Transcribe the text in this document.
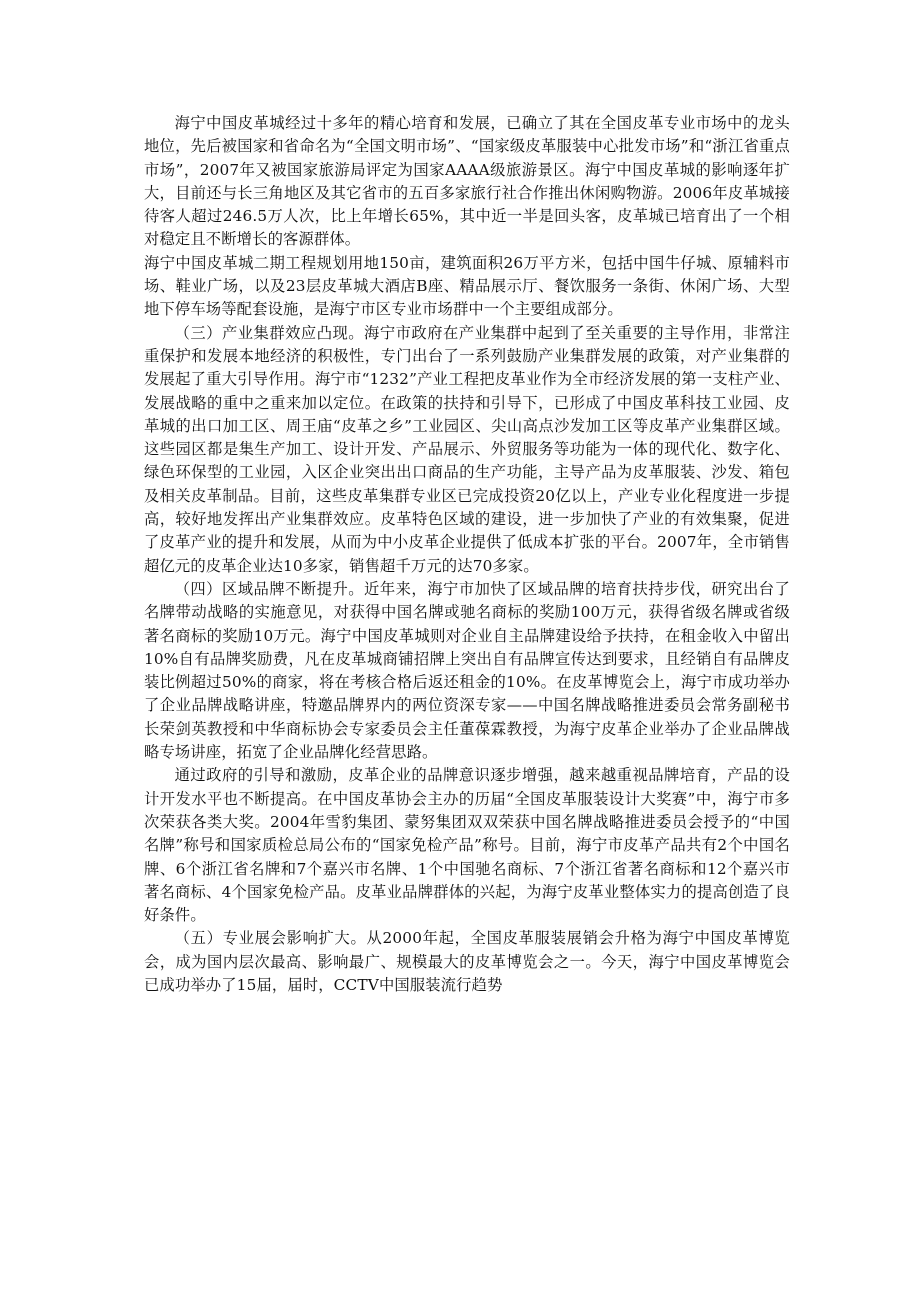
海宁中国皮革城经过十多年的精心培育和发展，已确立了其在全国皮革专业市场中的龙头地位，先后被国家和省命名为“全国文明市场”、“国家级皮革服装中心批发市场”和“浙江省重点市场”，2007年又被国家旅游局评定为国家AAAA级旅游景区。海宁中国皮革城的影响逐年扩大，目前还与长三角地区及其它省市的五百多家旅行社合作推出休闲购物游。2006年皮革城接待客人超过246.5万人次，比上年增长65%，其中近一半是回头客，皮革城已培育出了一个相对稳定且不断增长的客源群体。

海宁中国皮革城二期工程规划用地150亩，建筑面积26万平方米，包括中国牛仔城、原辅料市场、鞋业广场，以及23层皮革城大酒店B座、精品展示厅、餐饮服务一条街、休闲广场、大型地下停车场等配套设施，是海宁市区专业市场群中一个主要组成部分。

（三）产业集群效应凸现。海宁市政府在产业集群中起到了至关重要的主导作用，非常注重保护和发展本地经济的积极性，专门出台了一系列鼓励产业集群发展的政策，对产业集群的发展起了重大引导作用。海宁市“1232”产业工程把皮革业作为全市经济发展的第一支柱产业、发展战略的重中之重来加以定位。在政策的扶持和引导下，已形成了中国皮革科技工业园、皮革城的出口加工区、周王庙“皮革之乡”工业园区、尖山高点沙发加工区等皮革产业集群区域。这些园区都是集生产加工、设计开发、产品展示、外贸服务等功能为一体的现代化、数字化、绿色环保型的工业园，入区企业突出出口商品的生产功能，主导产品为皮革服装、沙发、箱包及相关皮革制品。目前，这些皮革集群专业区已完成投资20亿以上，产业专业化程度进一步提高，较好地发挥出产业集群效应。皮革特色区域的建设，进一步加快了产业的有效集聚，促进了皮革产业的提升和发展，从而为中小皮革企业提供了低成本扩张的平台。2007年，全市销售超亿元的皮革企业达10多家，销售超千万元的达70多家。

（四）区域品牌不断提升。近年来，海宁市加快了区域品牌的培育扶持步伐，研究出台了名牌带动战略的实施意见，对获得中国名牌或驰名商标的奖励100万元，获得省级名牌或省级著名商标的奖励10万元。海宁中国皮革城则对企业自主品牌建设给予扶持，在租金收入中留出10%自有品牌奖励费，凡在皮革城商铺招牌上突出自有品牌宣传达到要求，且经销自有品牌皮装比例超过50%的商家，将在考核合格后返还租金的10%。在皮革博览会上，海宁市成功举办了企业品牌战略讲座，特邀品牌界内的两位资深专家——中国名牌战略推进委员会常务副秘书长荣剑英教授和中华商标协会专家委员会主任董葆霖教授，为海宁皮革企业举办了企业品牌战略专场讲座，拓宽了企业品牌化经营思路。

通过政府的引导和激励，皮革企业的品牌意识逐步增强，越来越重视品牌培育，产品的设计开发水平也不断提高。在中国皮革协会主办的历届“全国皮革服装设计大奖赛”中，海宁市多次荣获各类大奖。2004年雪豹集团、蒙努集团双双荣获中国名牌战略推进委员会授予的“中国名牌”称号和国家质检总局公布的“国家免检产品”称号。目前，海宁市皮革产品共有2个中国名牌、6个浙江省名牌和7个嘉兴市名牌、1个中国驰名商标、7个浙江省著名商标和12个嘉兴市著名商标、4个国家免检产品。皮革业品牌群体的兴起，为海宁皮革业整体实力的提高创造了良好条件。

（五）专业展会影响扩大。从2000年起，全国皮革服装展销会升格为海宁中国皮革博览会，成为国内层次最高、影响最广、规模最大的皮革博览会之一。今天，海宁中国皮革博览会已成功举办了15届，届时，CCTV中国服装流行趋势
